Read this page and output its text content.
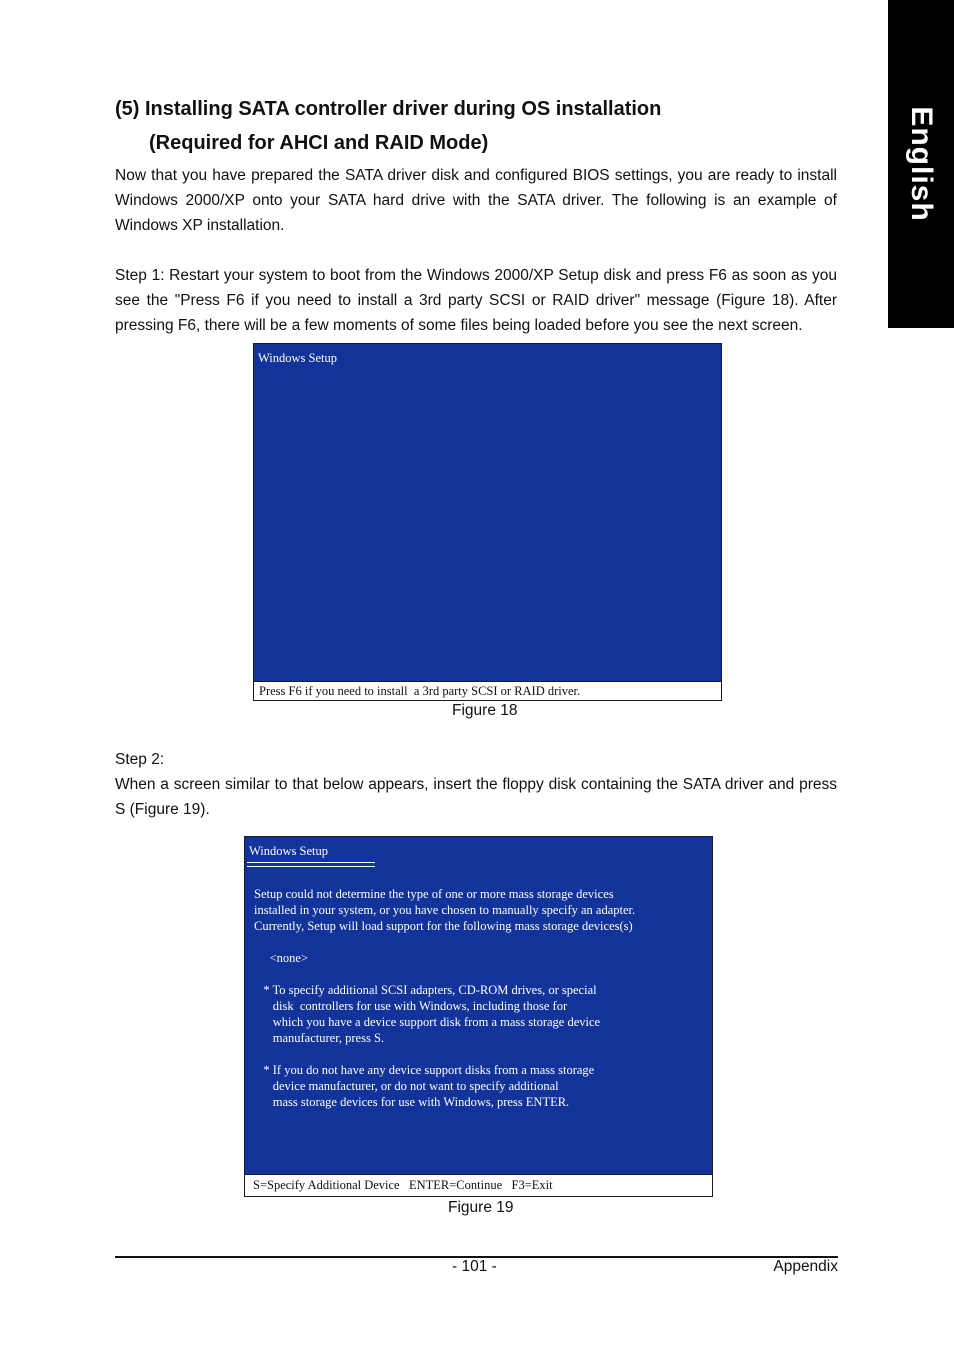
English
(5) Installing SATA controller driver during OS installation
(Required for AHCI and RAID Mode)
Now that you have prepared the SATA driver disk and configured BIOS settings, you are ready to install Windows 2000/XP onto your SATA hard drive with the SATA driver. The following is an example of Windows XP installation.
Step 1: Restart your system to boot from the Windows 2000/XP Setup disk and press F6 as soon as you see the "Press F6 if you need to install a 3rd party SCSI or RAID driver" message (Figure 18). After pressing F6, there will be a few moments of some files being loaded before you see the next screen.
Windows Setup
Press F6 if you need to install  a 3rd party SCSI or RAID driver.
Figure 18
Step 2:
When a screen similar to that below appears, insert the floppy disk containing the SATA driver and press S (Figure 19).
Windows Setup
Setup could not determine the type of one or more mass storage devices
installed in your system, or you have chosen to manually specify an adapter.
Currently, Setup will load support for the following mass storage devices(s)

<none>

* To specify additional SCSI adapters, CD-ROM drives, or special
disk  controllers for use with Windows, including those for
which you have a device support disk from a mass storage device
manufacturer, press S.

* If you do not have any device support disks from a mass storage
device manufacturer, or do not want to specify additional
mass storage devices for use with Windows, press ENTER.
S=Specify Additional Device   ENTER=Continue   F3=Exit
Figure 19
- 101 -	Appendix
